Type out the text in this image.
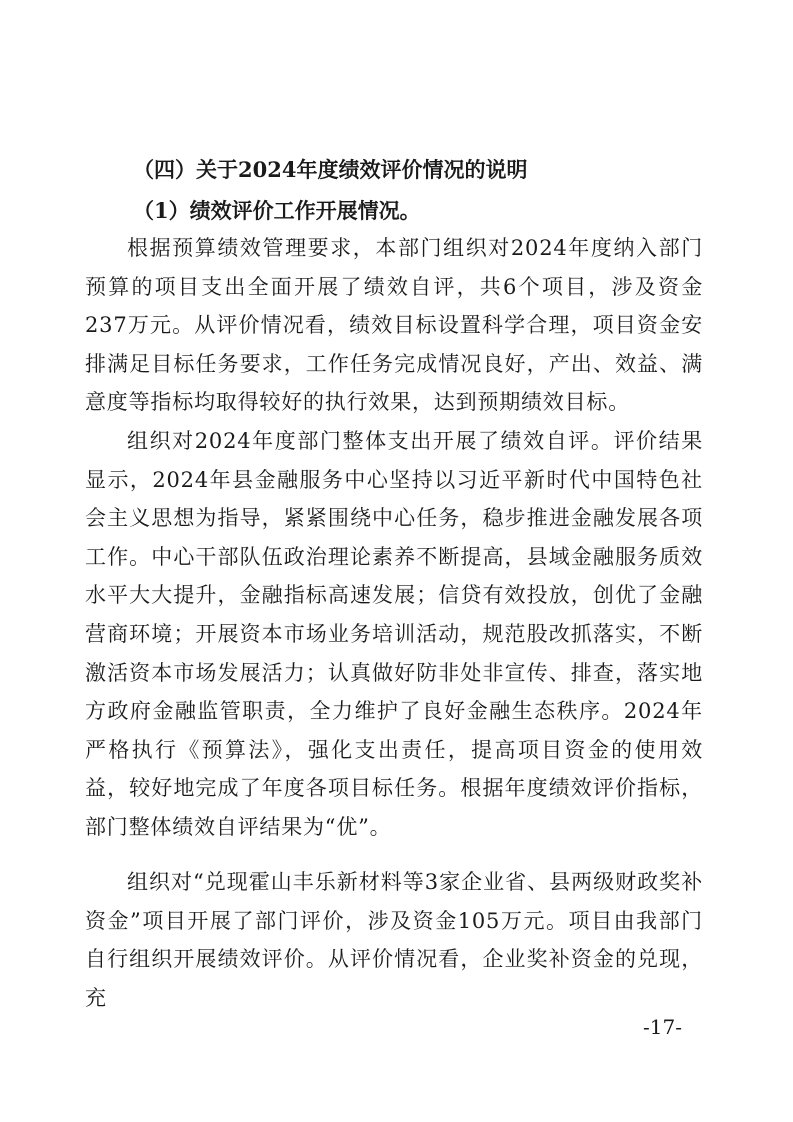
（四）关于2024年度绩效评价情况的说明
（1）绩效评价工作开展情况。

根据预算绩效管理要求，本部门组织对2024年度纳入部门预算的项目支出全面开展了绩效自评，共6个项目，涉及资金237万元。从评价情况看，绩效目标设置科学合理，项目资金安排满足目标任务要求，工作任务完成情况良好，产出、效益、满意度等指标均取得较好的执行效果，达到预期绩效目标。

组织对2024年度部门整体支出开展了绩效自评。评价结果显示，2024年县金融服务中心坚持以习近平新时代中国特色社会主义思想为指导，紧紧围绕中心任务，稳步推进金融发展各项工作。中心干部队伍政治理论素养不断提高，县域金融服务质效水平大大提升，金融指标高速发展；信贷有效投放，创优了金融营商环境；开展资本市场业务培训活动，规范股改抓落实，不断激活资本市场发展活力；认真做好防非处非宣传、排查，落实地方政府金融监管职责，全力维护了良好金融生态秩序。2024年严格执行《预算法》，强化支出责任，提高项目资金的使用效益，较好地完成了年度各项目标任务。根据年度绩效评价指标，部门整体绩效自评结果为“优”。

组织对“兑现霍山丰乐新材料等3家企业省、县两级财政奖补资金”项目开展了部门评价，涉及资金105万元。项目由我部门自行组织开展绩效评价。从评价情况看，企业奖补资金的兑现，充

-17-
